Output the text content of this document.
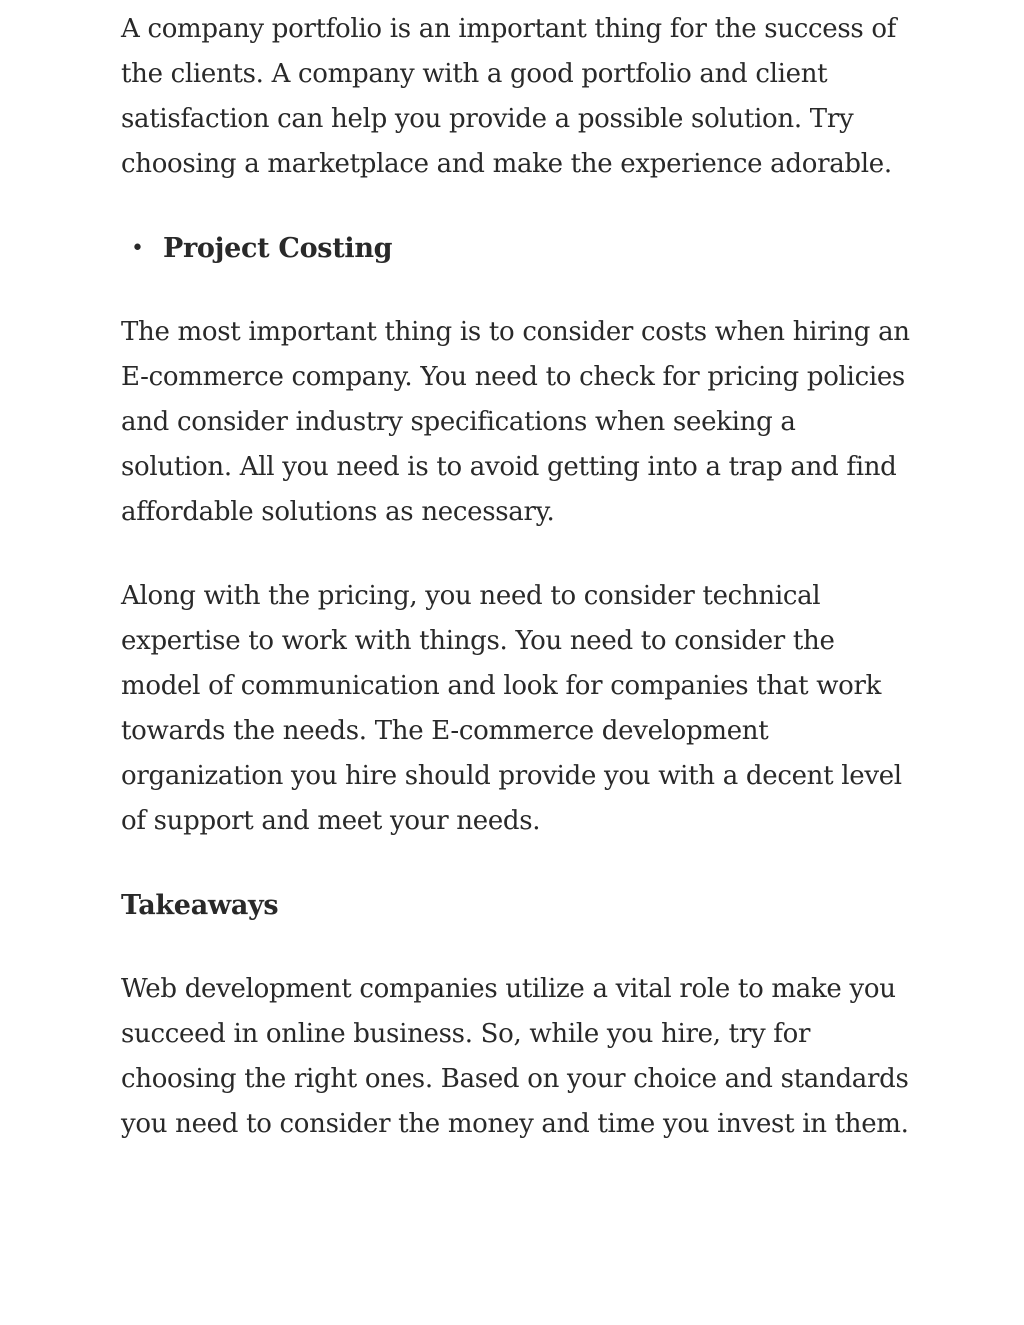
A company portfolio is an important thing for the success of the clients. A company with a good portfolio and client satisfaction can help you provide a possible solution. Try choosing a marketplace and make the experience adorable.

• Project Costing

The most important thing is to consider costs when hiring an E-commerce company. You need to check for pricing policies and consider industry specifications when seeking a solution. All you need is to avoid getting into a trap and find affordable solutions as necessary.

Along with the pricing, you need to consider technical expertise to work with things. You need to consider the model of communication and look for companies that work towards the needs. The E-commerce development organization you hire should provide you with a decent level of support and meet your needs.

Takeaways

Web development companies utilize a vital role to make you succeed in online business. So, while you hire, try for choosing the right ones. Based on your choice and standards you need to consider the money and time you invest in them.
